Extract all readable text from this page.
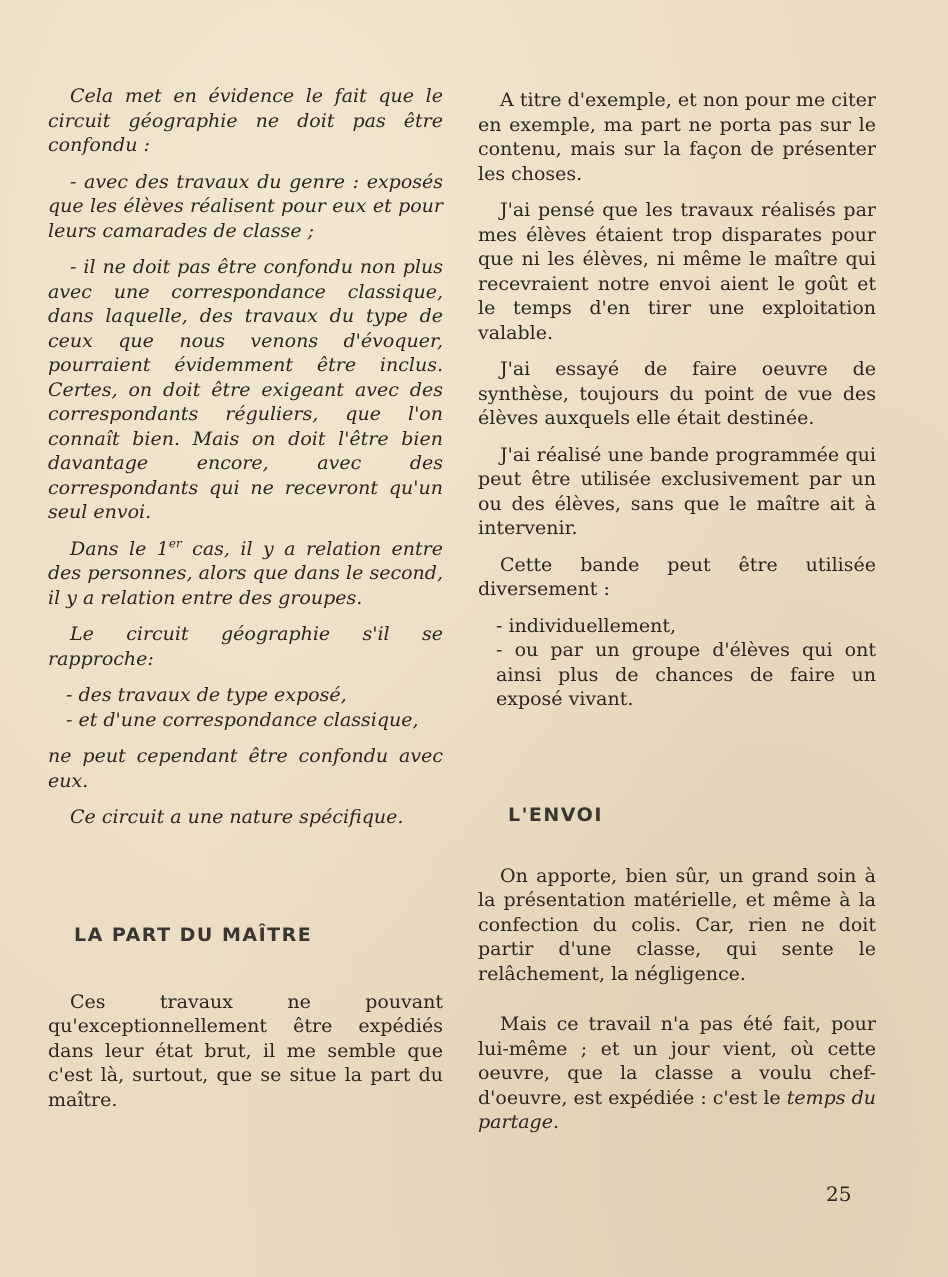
Cela met en évidence le fait que le circuit géographie ne doit pas être confondu :

- avec des travaux du genre : exposés que les élèves réalisent pour eux et pour leurs camarades de classe ;

- il ne doit pas être confondu non plus avec une correspondance classique, dans laquelle, des travaux du type de ceux que nous venons d'évoquer, pourraient évidemment être inclus. Certes, on doit être exigeant avec des correspondants réguliers, que l'on connaît bien. Mais on doit l'être bien davantage encore, avec des correspondants qui ne recevront qu'un seul envoi.

Dans le 1er cas, il y a relation entre des personnes, alors que dans le second, il y a relation entre des groupes.

Le circuit géographie s'il se rapproche:

- des travaux de type exposé,

- et d'une correspondance classique,

ne peut cependant être confondu avec eux.

Ce circuit a une nature spécifique.

LA PART DU MAÎTRE

Ces travaux ne pouvant qu'exceptionnellement être expédiés dans leur état brut, il me semble que c'est là, surtout, que se situe la part du maître.

A titre d'exemple, et non pour me citer en exemple, ma part ne porta pas sur le contenu, mais sur la façon de présenter les choses.

J'ai pensé que les travaux réalisés par mes élèves étaient trop disparates pour que ni les élèves, ni même le maître qui recevraient notre envoi aient le goût et le temps d'en tirer une exploitation valable.

J'ai essayé de faire oeuvre de synthèse, toujours du point de vue des élèves auxquels elle était destinée.

J'ai réalisé une bande programmée qui peut être utilisée exclusivement par un ou des élèves, sans que le maître ait à intervenir.

Cette bande peut être utilisée diversement :

- individuellement,

- ou par un groupe d'élèves qui ont ainsi plus de chances de faire un exposé vivant.

L'ENVOI

On apporte, bien sûr, un grand soin à la présentation matérielle, et même à la confection du colis. Car, rien ne doit partir d'une classe, qui sente le relâchement, la négligence.

Mais ce travail n'a pas été fait, pour lui-même ; et un jour vient, où cette oeuvre, que la classe a voulu chef-d'oeuvre, est expédiée : c'est le temps du partage.

25
